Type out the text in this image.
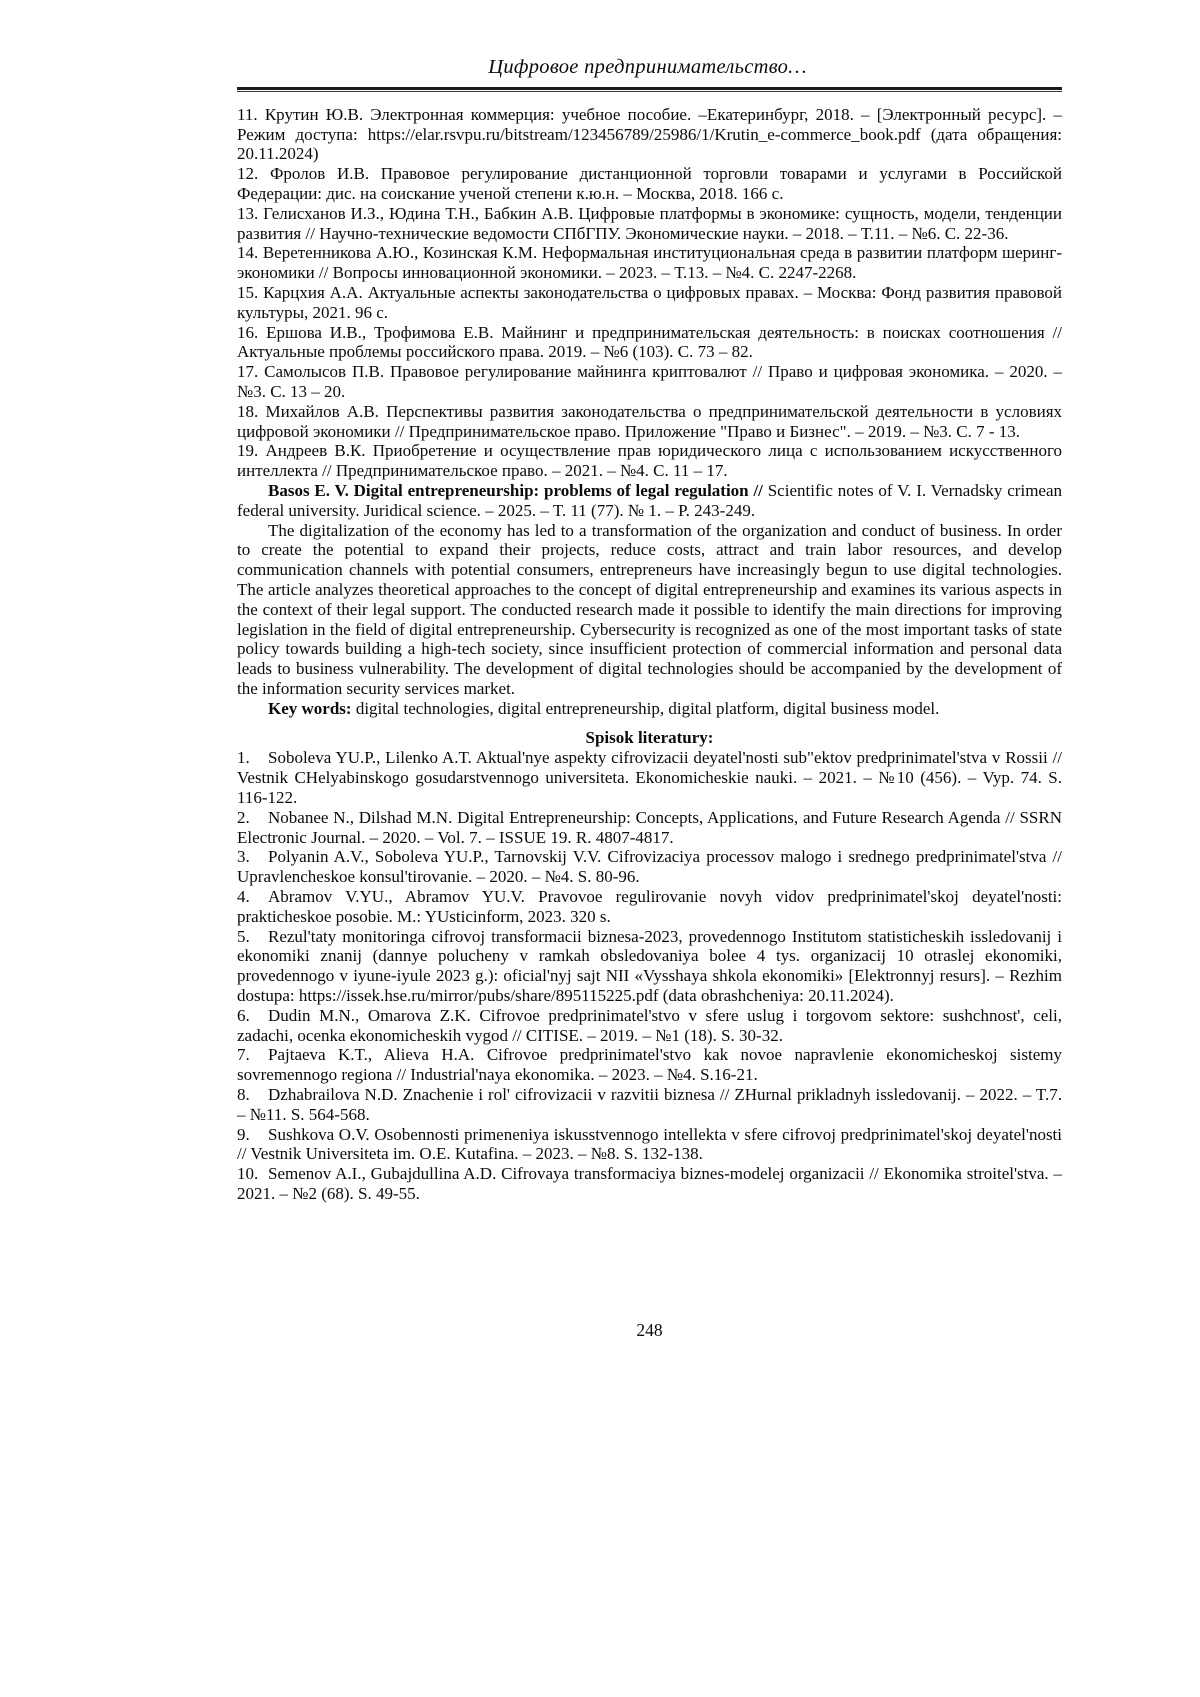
Цифровое предпринимательство…

11. Крутин Ю.В. Электронная коммерция: учебное пособие. –Екатеринбург, 2018. – [Электронный ресурс]. – Режим доступа: https://elar.rsvpu.ru/bitstream/123456789/25986/1/Krutin_e-commerce_book.pdf (дата обращения: 20.11.2024)

12. Фролов И.В. Правовое регулирование дистанционной торговли товарами и услугами в Российской Федерации: дис. на соискание ученой степени к.ю.н. – Москва, 2018. 166 с.

13. Гелисханов И.З., Юдина Т.Н., Бабкин А.В. Цифровые платформы в экономике: сущность, модели, тенденции развития // Научно-технические ведомости СПбГПУ. Экономические науки. – 2018. – Т.11. – №6. С. 22-36.

14. Веретенникова А.Ю., Козинская К.М. Неформальная институциональная среда в развитии платформ шеринг-экономики // Вопросы инновационной экономики. – 2023. – Т.13. – №4. С. 2247-2268.

15. Карцхия А.А. Актуальные аспекты законодательства о цифровых правах. – Москва: Фонд развития правовой культуры, 2021. 96 с.

16. Ершова И.В., Трофимова Е.В. Майнинг и предпринимательская деятельность: в поисках соотношения // Актуальные проблемы российского права. 2019. – №6 (103). С. 73 – 82.

17. Самолысов П.В. Правовое регулирование майнинга криптовалют // Право и цифровая экономика. – 2020. – №3. С. 13 – 20.

18. Михайлов А.В. Перспективы развития законодательства о предпринимательской деятельности в условиях цифровой экономики // Предпринимательское право. Приложение "Право и Бизнес". – 2019. – №3. С. 7 - 13.

19. Андреев В.К. Приобретение и осуществление прав юридического лица с использованием искусственного интеллекта // Предпринимательское право. – 2021. – №4. С. 11 – 17.

Basos E. V. Digital entrepreneurship: problems of legal regulation // Scientific notes of V. I. Vernadsky crimean federal university. Juridical science. – 2025. – T. 11 (77). № 1. – P. 243-249.

The digitalization of the economy has led to a transformation of the organization and conduct of business. In order to create the potential to expand their projects, reduce costs, attract and train labor resources, and develop communication channels with potential consumers, entrepreneurs have increasingly begun to use digital technologies. The article analyzes theoretical approaches to the concept of digital entrepreneurship and examines its various aspects in the context of their legal support. The conducted research made it possible to identify the main directions for improving legislation in the field of digital entrepreneurship. Cybersecurity is recognized as one of the most important tasks of state policy towards building a high-tech society, since insufficient protection of commercial information and personal data leads to business vulnerability. The development of digital technologies should be accompanied by the development of the information security services market.

Key words: digital technologies, digital entrepreneurship, digital platform, digital business model.

Spisok literatury:

1. Soboleva YU.P., Lilenko A.T. Aktual'nye aspekty cifrovizacii deyatel'nosti sub"ektov predprinimatel'stva v Rossii // Vestnik CHelyabinskogo gosudarstvennogo universiteta. Ekonomicheskie nauki. – 2021. – №10 (456). – Vyp. 74. S. 116-122.

2. Nobanee N., Dilshad M.N. Digital Entrepreneurship: Concepts, Applications, and Future Research Agenda // SSRN Electronic Journal. – 2020. – Vol. 7. – ISSUE 19. R. 4807-4817.

3. Polyanin A.V., Soboleva YU.P., Tarnovskij V.V. Cifrovizaciya processov malogo i srednego predprinimatel'stva // Upravlencheskoe konsul'tirovanie. – 2020. – №4. S. 80-96.

4. Abramov V.YU., Abramov YU.V. Pravovoe regulirovanie novyh vidov predprinimatel'skoj deyatel'nosti: prakticheskoe posobie. M.: YUsticinform, 2023. 320 s.

5. Rezul'taty monitoringa cifrovoj transformacii biznesa-2023, provedennogo Institutom statisticheskih issledovanij i ekonomiki znanij (dannye polucheny v ramkah obsledovaniya bolee 4 tys. organizacij 10 otraslej ekonomiki, provedennogo v iyune-iyule 2023 g.): oficial'nyj sajt NII «Vysshaya shkola ekonomiki» [Elektronnyj resurs]. – Rezhim dostupa: https://issek.hse.ru/mirror/pubs/share/895115225.pdf (data obrashcheniya: 20.11.2024).

6. Dudin M.N., Omarova Z.K. Cifrovoe predprinimatel'stvo v sfere uslug i torgovom sektore: sushchnost', celi, zadachi, ocenka ekonomicheskih vygod // CITISE. – 2019. – №1 (18). S. 30-32.

7. Pajtaeva K.T., Alieva H.A. Cifrovoe predprinimatel'stvo kak novoe napravlenie ekonomicheskoj sistemy sovremennogo regiona // Industrial'naya ekonomika. – 2023. – №4. S.16-21.

8. Dzhabrailova N.D. Znachenie i rol' cifrovizacii v razvitii biznesa // ZHurnal prikladnyh issledovanij. – 2022. – T.7. – №11. S. 564-568.

9. Sushkova O.V. Osobennosti primeneniya iskusstvennogo intellekta v sfere cifrovoj predprinimatel'skoj deyatel'nosti // Vestnik Universiteta im. O.E. Kutafina. – 2023. – №8. S. 132-138.

10. Semenov A.I., Gubajdullina A.D. Cifrovaya transformaciya biznes-modelej organizacii // Ekonomika stroitel'stva. – 2021. – №2 (68). S. 49-55.

248
